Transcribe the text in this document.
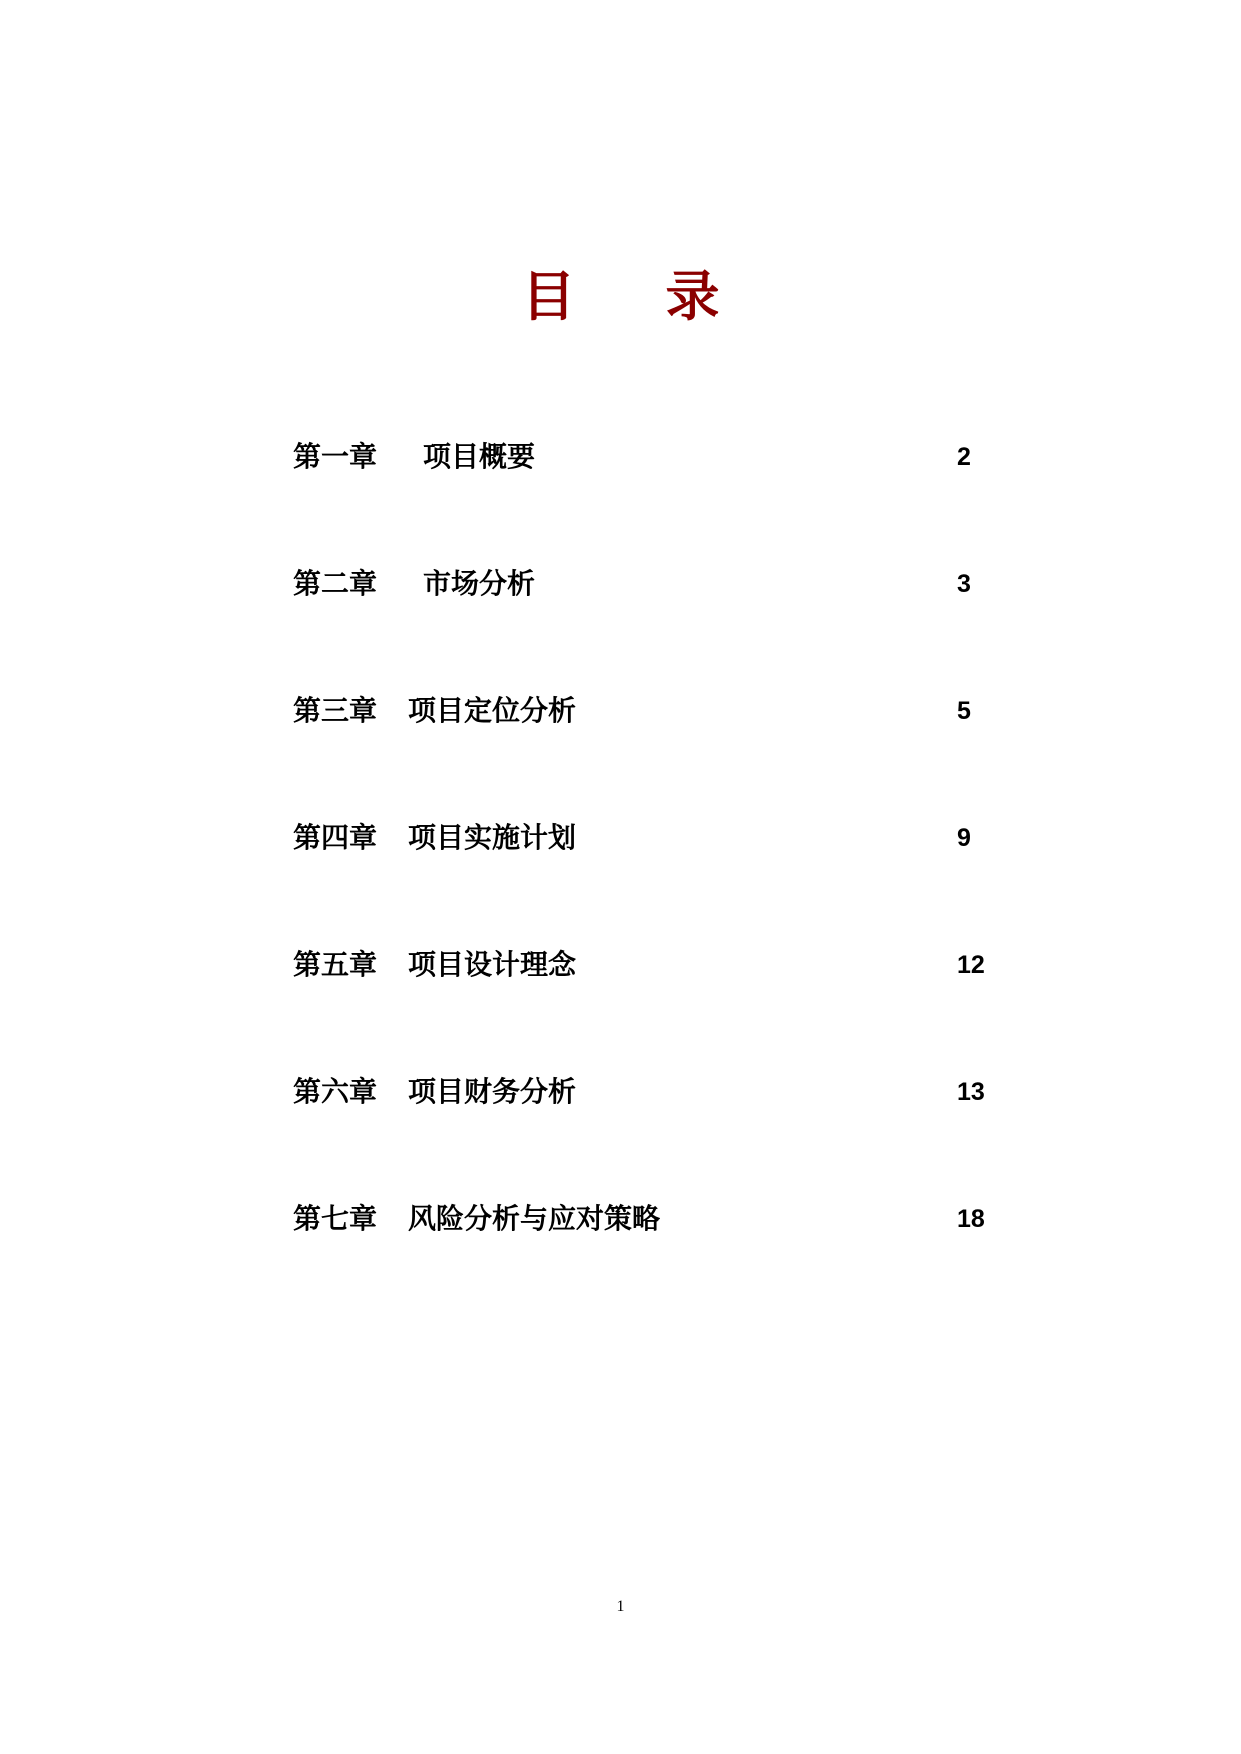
目录
第一章 项目概要	2
第二章 市场分析	3
第三章 项目定位分析	5
第四章 项目实施计划	9
第五章 项目设计理念	12
第六章 项目财务分析	13
第七章 风险分析与应对策略	18
1
